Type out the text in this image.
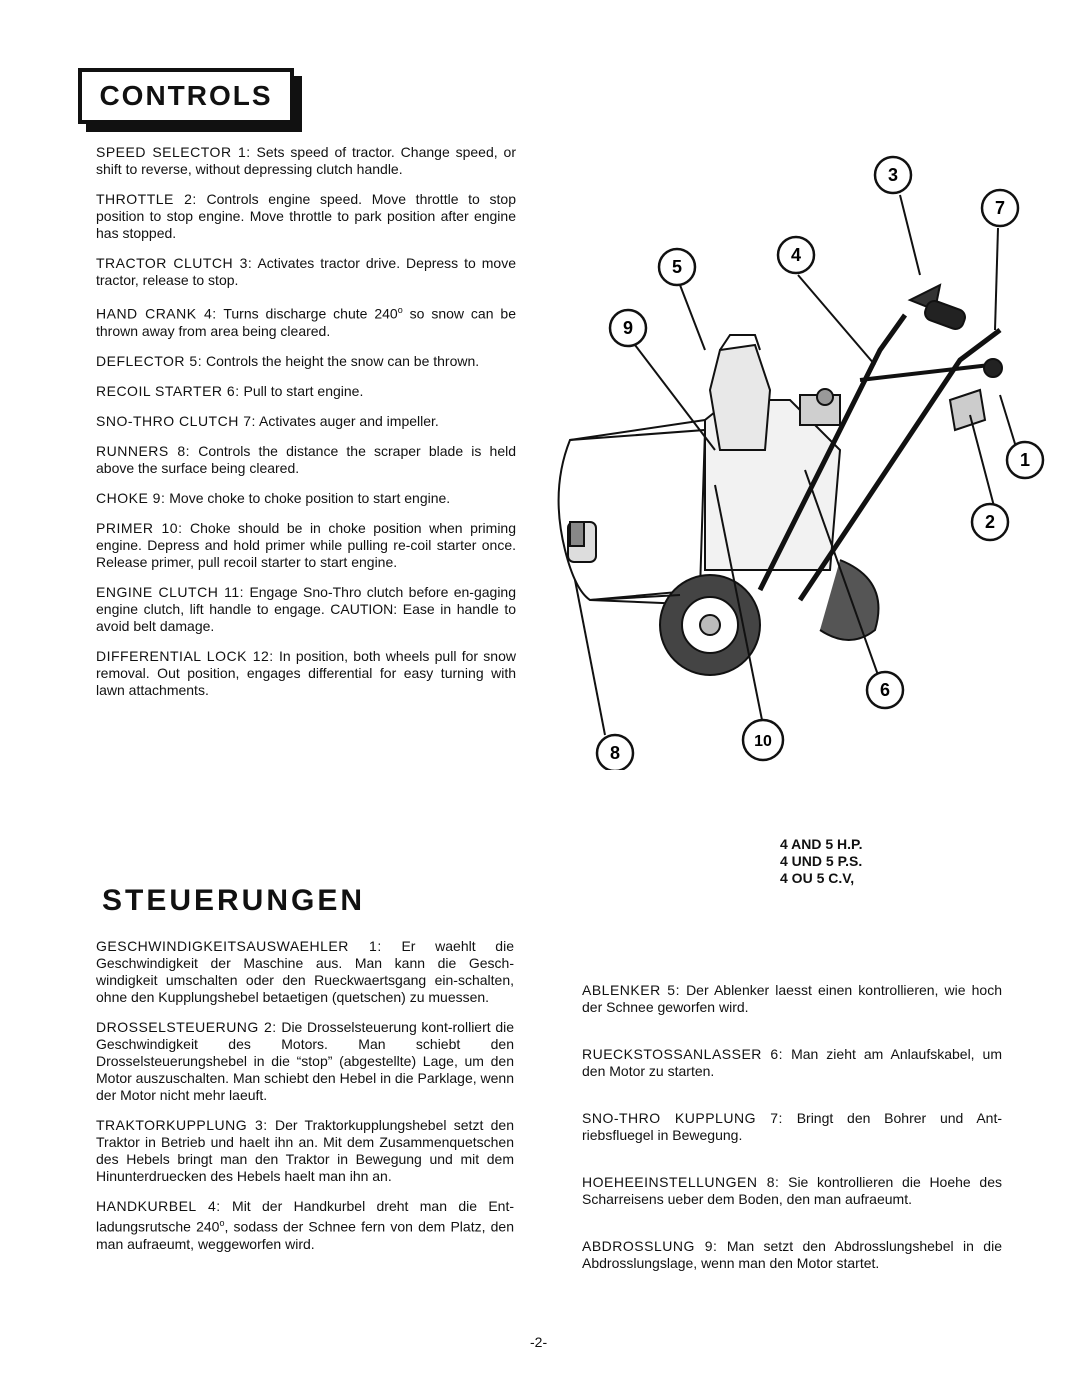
CONTROLS

SPEED SELECTOR 1: Sets speed of tractor. Change speed, or shift to reverse, without depressing clutch handle.

THROTTLE 2: Controls engine speed. Move throttle to stop position to stop engine. Move throttle to park position after engine has stopped.

TRACTOR CLUTCH 3: Activates tractor drive. Depress to move tractor, release to stop.

HAND CRANK 4: Turns discharge chute 240$^o$ so snow can be thrown away from area being cleared.

DEFLECTOR 5: Controls the height the snow can be thrown.

RECOIL STARTER 6: Pull to start engine.

SNO-THRO CLUTCH 7: Activates auger and impeller.

RUNNERS 8: Controls the distance the scraper blade is held above the surface being cleared.

CHOKE 9: Move choke to choke position to start engine.

PRIMER 10: Choke should be in choke position when priming engine. Depress and hold primer while pulling re-coil starter once. Release primer, pull recoil starter to start engine.

ENGINE CLUTCH 11: Engage Sno-Thro clutch before en-gaging engine clutch, lift handle to engage. CAUTION: Ease in handle to avoid belt damage.

DIFFERENTIAL LOCK 12: In position, both wheels pull for snow removal. Out position, engages differential for easy turning with lawn attachments.

3
7
4
5
9
1
2
6
10
8
4 AND 5 H.P.
4 UND 5 P.S.
4 OU 5 C.V,
STEUERUNGEN

GESCHWINDIGKEITSAUSWAEHLER 1: Er waehlt die Geschwindigkeit der Maschine aus. Man kann die Gesch-windigkeit umschalten oder den Rueckwaertsgang ein-schalten, ohne den Kupplungshebel betaetigen (quetschen) zu muessen.

DROSSELSTEUERUNG 2: Die Drosselsteuerung kont-rolliert die Geschwindigkeit des Motors. Man schiebt den Drosselsteuerungshebel in die “stop” (abgestellte) Lage, um den Motor auszuschalten. Man schiebt den Hebel in die Parklage, wenn der Motor nicht mehr laeuft.

TRAKTORKUPPLUNG 3: Der Traktorkupplungshebel setzt den Traktor in Betrieb und haelt ihn an. Mit dem Zusammenquetschen des Hebels bringt man den Traktor in Bewegung und mit dem Hinunterdruecken des Hebels haelt man ihn an.

HANDKURBEL 4: Mit der Handkurbel dreht man die Ent-ladungsrutsche 240$^o$, sodass der Schnee fern von dem Platz, den man aufraeumt, weggeworfen wird.

ABLENKER 5: Der Ablenker laesst einen kontrollieren, wie hoch der Schnee geworfen wird.

RUECKSTOSSANLASSER 6: Man zieht am Anlaufskabel, um den Motor zu starten.

SNO-THRO KUPPLUNG 7: Bringt den Bohrer und Ant-riebsfluegel in Bewegung.

HOEHEEINSTELLUNGEN 8: Sie kontrollieren die Hoehe des Scharreisens ueber dem Boden, den man aufraeumt.

ABDROSSLUNG 9: Man setzt den Abdrosslungshebel in die Abdrosslungslage, wenn man den Motor startet.

-2-
